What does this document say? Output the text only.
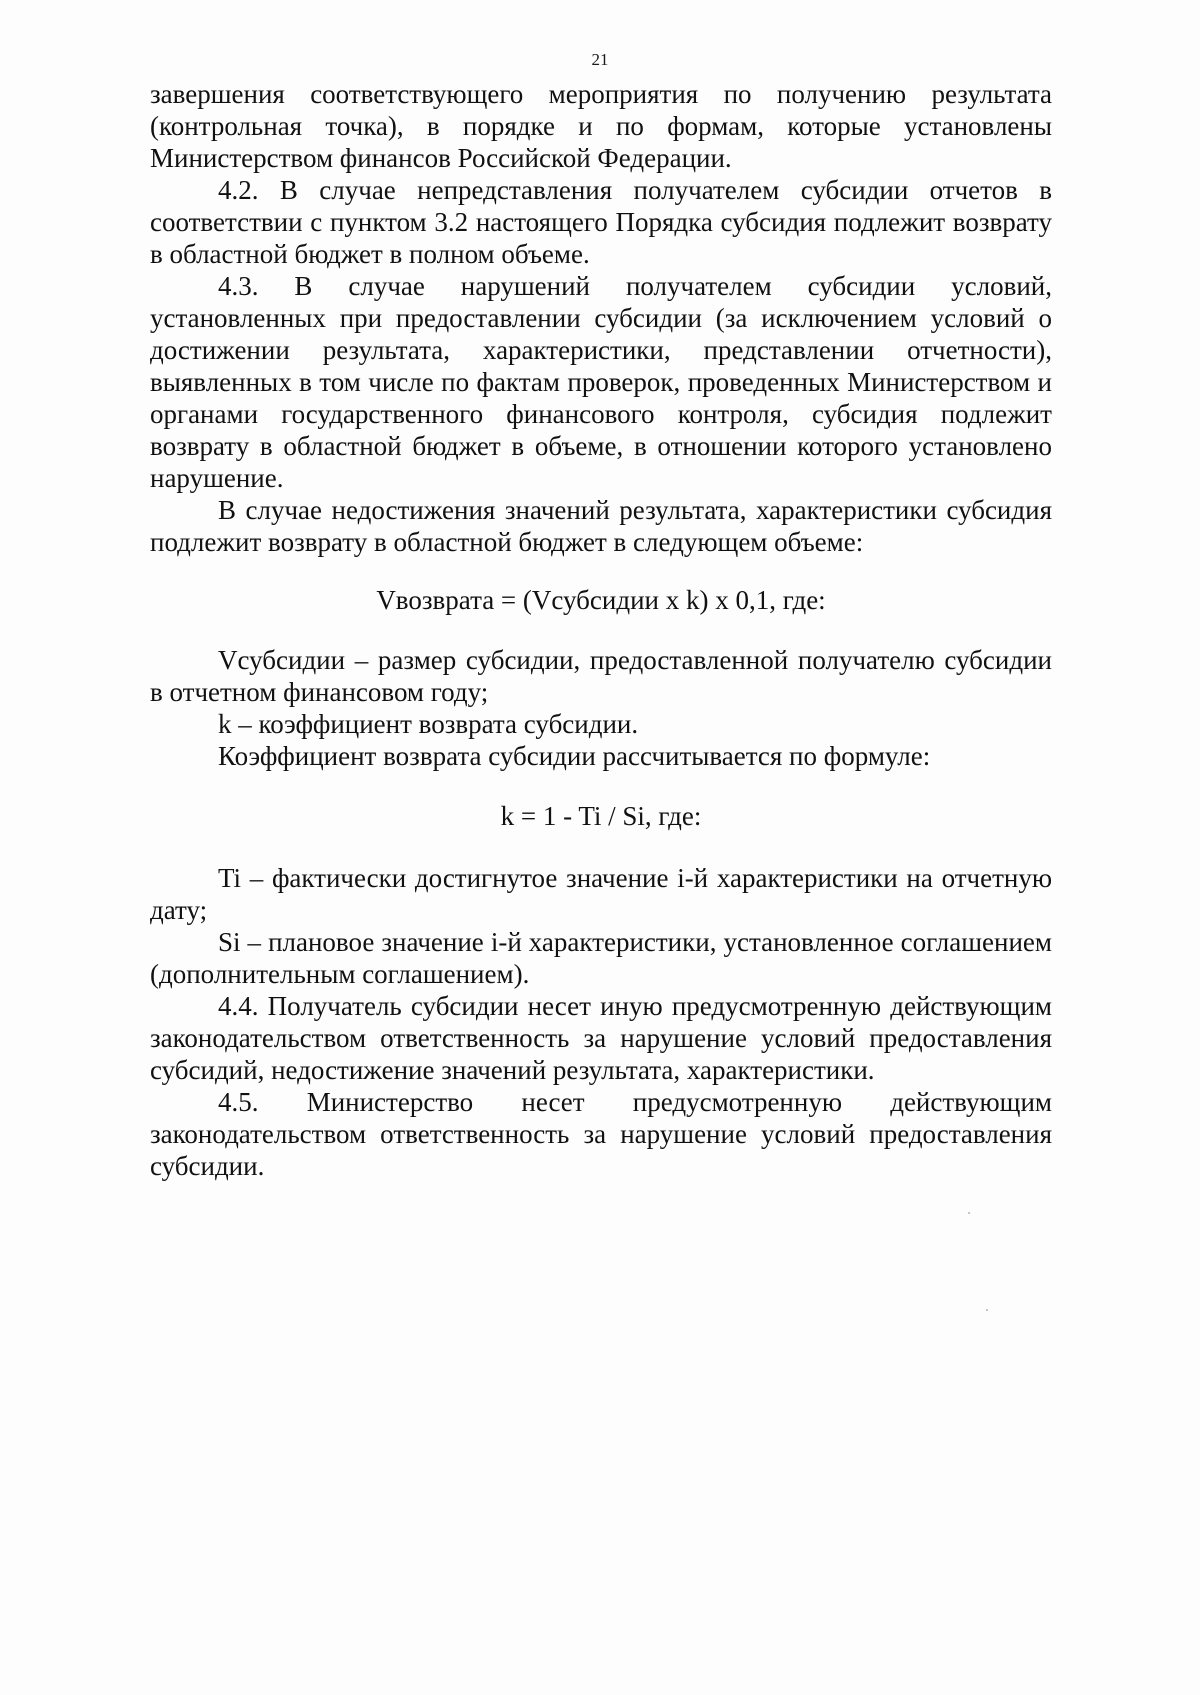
21

завершения соответствующего мероприятия по получению результата (контрольная точка), в порядке и по формам, которые установлены Министерством финансов Российской Федерации.

4.2. В случае непредставления получателем субсидии отчетов в соответствии с пунктом 3.2 настоящего Порядка субсидия подлежит возврату в областной бюджет в полном объеме.

4.3. В случае нарушений получателем субсидии условий, установленных при предоставлении субсидии (за исключением условий о достижении результата, характеристики, представлении отчетности), выявленных в том числе по фактам проверок, проведенных Министерством и органами государственного финансового контроля, субсидия подлежит возврату в областной бюджет в объеме, в отношении которого установлено нарушение.

В случае недостижения значений результата, характеристики субсидия подлежит возврату в областной бюджет в следующем объеме:

Vвозврата = (Vсубсидии x k) x 0,1, где:

Vсубсидии – размер субсидии, предоставленной получателю субсидии в отчетном финансовом году;

k – коэффициент возврата субсидии.

Коэффициент возврата субсидии рассчитывается по формуле:

k = 1 - Ti / Si, где:

Ti – фактически достигнутое значение i-й характеристики на отчетную дату;

Si – плановое значение i-й характеристики, установленное соглашением (дополнительным соглашением).

4.4. Получатель субсидии несет иную предусмотренную действующим законодательством ответственность за нарушение условий предоставления субсидий, недостижение значений результата, характеристики.

4.5. Министерство несет предусмотренную действующим законодательством ответственность за нарушение условий предоставления субсидии.
